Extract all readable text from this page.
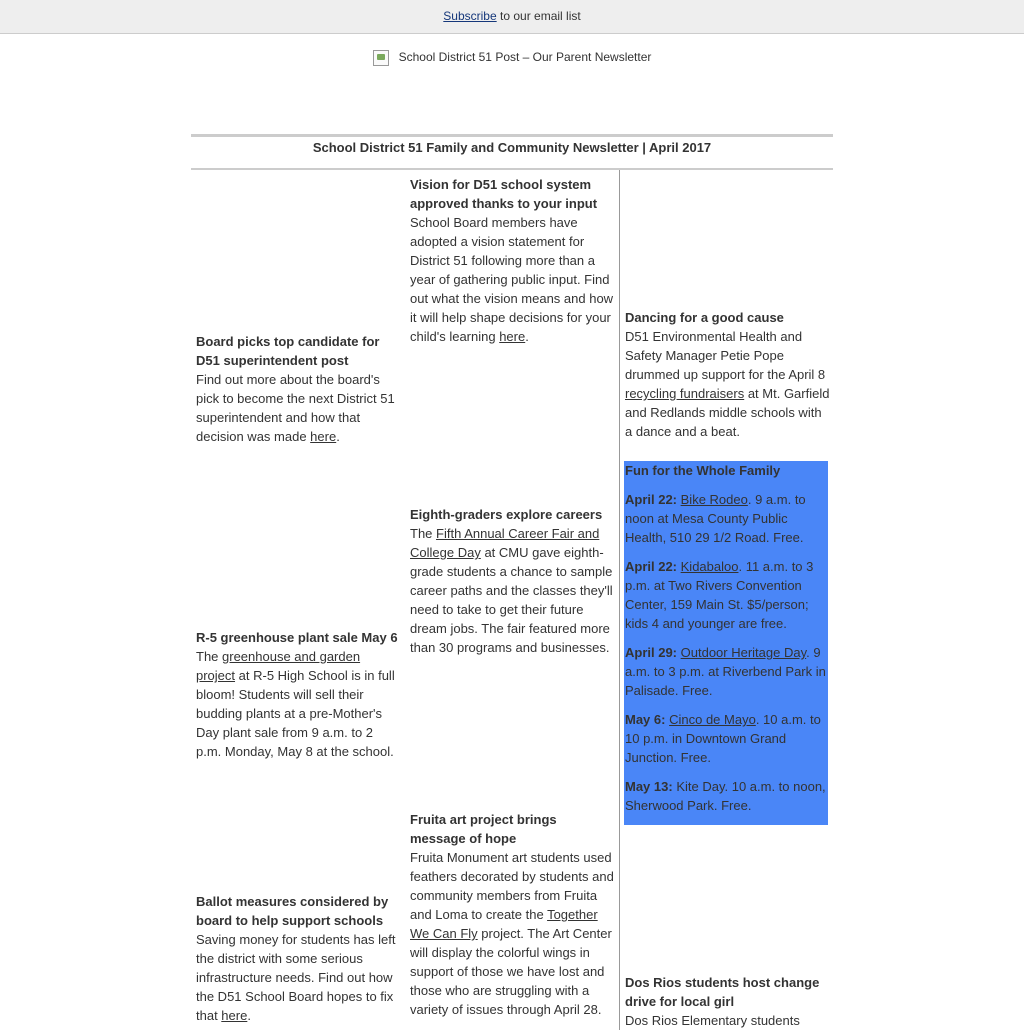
Subscribe to our email list
School District 51 Post – Our Parent Newsletter
School District 51 Family and Community Newsletter | April 2017
Board picks top candidate for D51 superintendent post

Find out more about the board's pick to become the next District 51 superintendent and how that decision was made here.

R-5 greenhouse plant sale May 6

The greenhouse and garden project at R-5 High School is in full bloom! Students will sell their budding plants at a pre-Mother's Day plant sale from 9 a.m. to 2 p.m. Monday, May 8 at the school.

Ballot measures considered by board to help support schools

Saving money for students has left the district with some serious infrastructure needs. Find out how the D51 School Board hopes to fix that here.

Vision for D51 school system approved thanks to your input

School Board members have adopted a vision statement for District 51 following more than a year of gathering public input. Find out what the vision means and how it will help shape decisions for your child's learning here.

Eighth-graders explore careers

The Fifth Annual Career Fair and College Day at CMU gave eighth-grade students a chance to sample career paths and the classes they'll need to take to get their future dream jobs. The fair featured more than 30 programs and businesses.

Fruita art project brings message of hope

Fruita Monument art students used feathers decorated by students and community members from Fruita and Loma to create the Together We Can Fly project. The Art Center will display the colorful wings in support of those we have lost and those who are struggling with a variety of issues through April 28.

Dancing for a good cause

D51 Environmental Health and Safety Manager Petie Pope drummed up support for the April 8 recycling fundraisers at Mt. Garfield and Redlands middle schools with a dance and a beat.

Fun for the Whole Family

April 22: Bike Rodeo. 9 a.m. to noon at Mesa County Public Health, 510 29 1/2 Road. Free.

April 22: Kidabaloo. 11 a.m. to 3 p.m. at Two Rivers Convention Center, 159 Main St. $5/person; kids 4 and younger are free.

April 29: Outdoor Heritage Day. 9 a.m. to 3 p.m. at Riverbend Park in Palisade. Free.

May 6: Cinco de Mayo. 10 a.m. to 10 p.m. in Downtown Grand Junction. Free.

May 13: Kite Day. 10 a.m. to noon, Sherwood Park. Free.

Dos Rios students host change drive for local girl

Dos Rios Elementary students
